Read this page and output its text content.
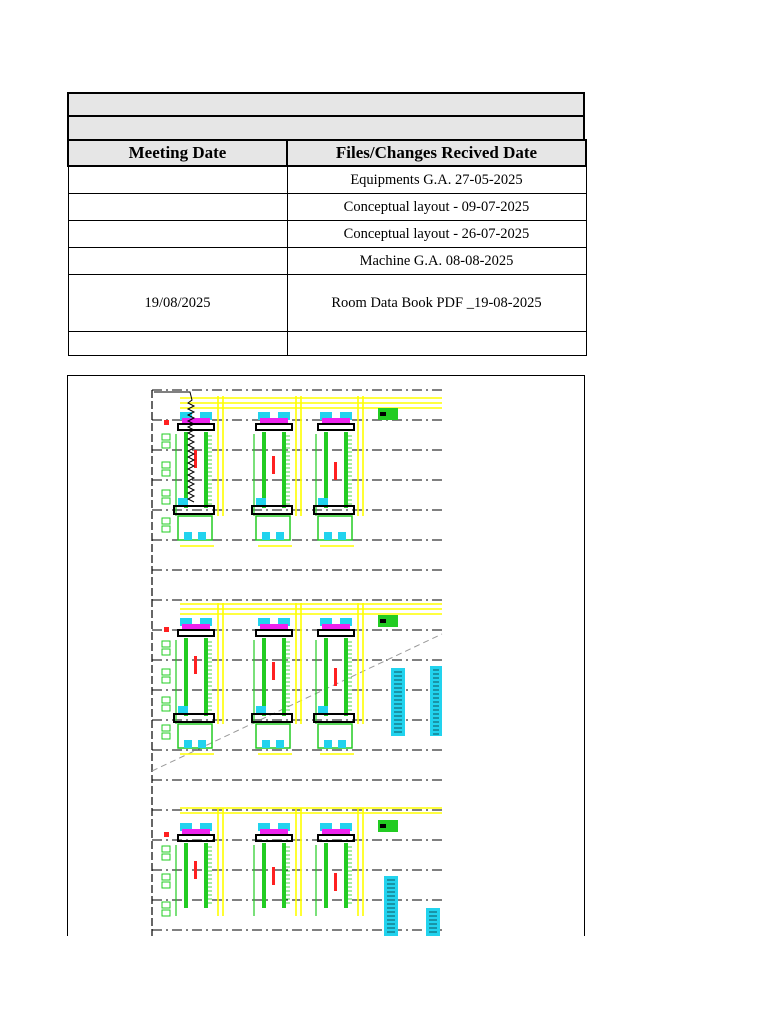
Meeting Date	Files/Changes Recived Date
	Equipments G.A. 27-05-2025
	Conceptual layout - 09-07-2025
	Conceptual layout - 26-07-2025
	Machine G.A. 08-08-2025
19/08/2025	Room Data Book PDF _19-08-2025
